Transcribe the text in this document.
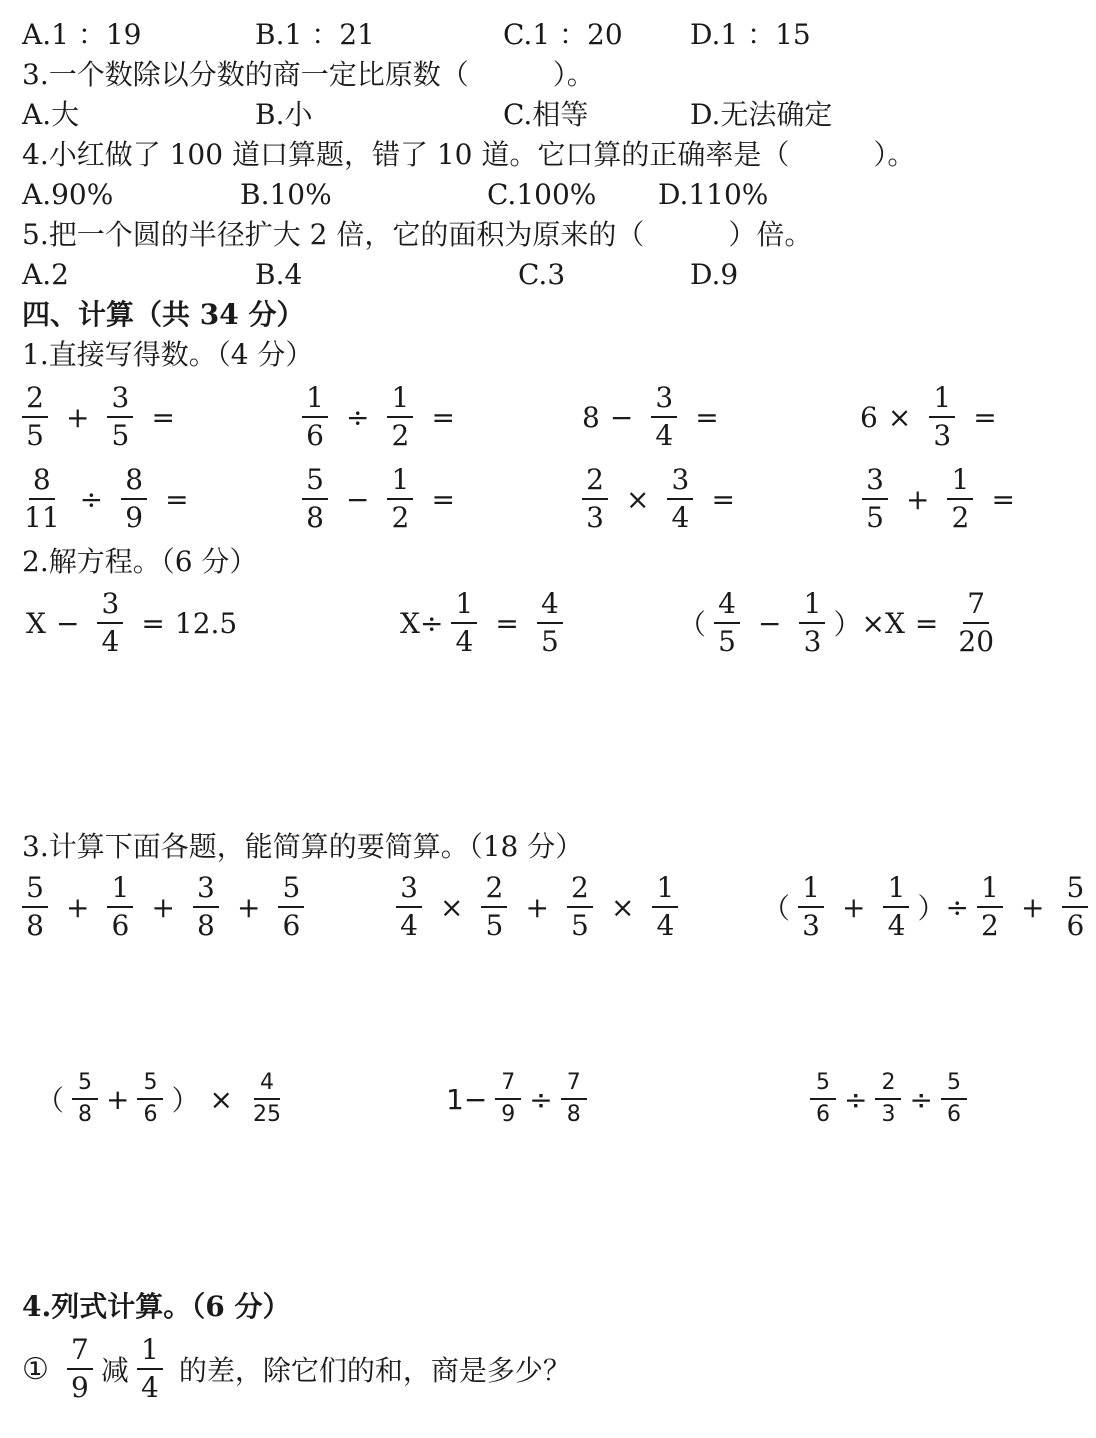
A.1 ：19	B.1 ：21	C.1 ：20 D.1 ：15
3.一个数除以分数的商一定比原数（　　　）。
A.大	B.小	C.相等	D.无法确定
4.小红做了 100 道口算题，错了 10 道。它口算的正确率是（　　　）。
A.90%	B.10%	C.100% D.110%
5.把一个圆的半径扩大 2 倍，它的面积为原来的（　　　）倍。
A.2	B.4	C.3	D.9
四、计算（共 34 分）
1.直接写得数。（4 分）
$\frac{2}{5} + \frac{3}{5}$ =	$\frac{1}{6} \div \frac{1}{2}$ =	$8 - \frac{3}{4}$ =	$6 \times \frac{1}{3}$ =
$\frac{8}{11} \div \frac{8}{9}$ =	$\frac{5}{8} - \frac{1}{2}$ =	$\frac{2}{3} \times \frac{3}{4}$ =	$\frac{3}{5} + \frac{1}{2}$ =
2.解方程。（6 分）
$X - \frac{3}{4} = 12.5$	$X \div \frac{1}{4} = \frac{4}{5}$	（ $\frac{4}{5} - \frac{1}{3}$ ） × $X = \frac{7}{20}$
3.计算下面各题，能简算的要简算。（18 分）
$\frac{5}{8} + \frac{1}{6} + \frac{3}{8} + \frac{5}{6}$	$\frac{3}{4} \times \frac{2}{5} + \frac{2}{5} \times \frac{1}{4}$	（ $\frac{1}{3} + \frac{1}{4}$ ） ÷ $\frac{1}{2} + \frac{5}{6}$
（ $\frac{5}{8} + \frac{5}{6}$ ） × $\frac{4}{25}$	$1 - \frac{7}{9} \div \frac{7}{8}$	$\frac{5}{6} \div \frac{2}{3} \div \frac{5}{6}$
4.列式计算。（6 分）
① $\frac{7}{9}$ 减 $\frac{1}{4}$ 的差，除它们的和，商是多少？
